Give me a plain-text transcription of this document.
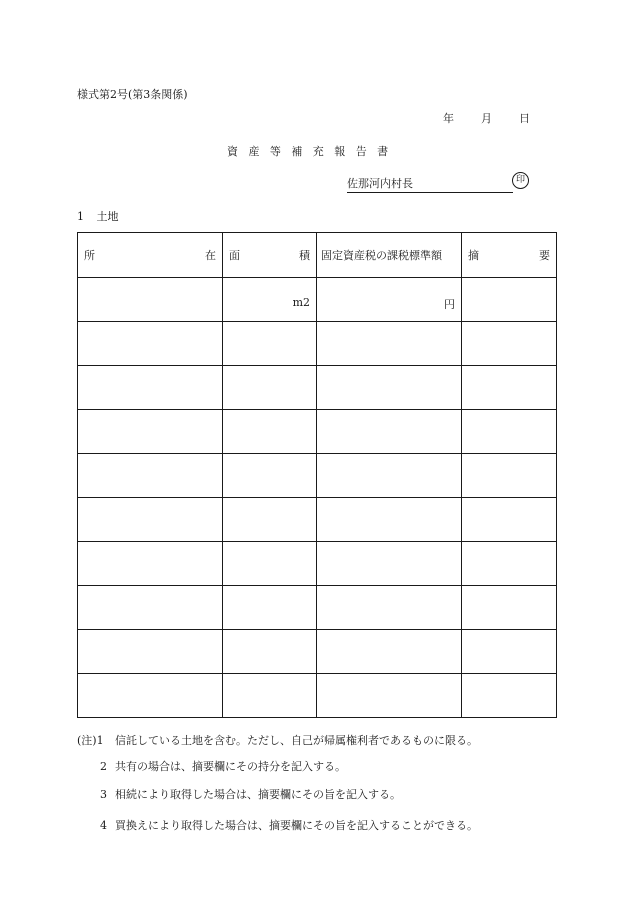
様式第2号(第3条関係)
年	月	日
資産等補充報告書
佐那河内村長	印
1 土地
所 在	面 積	固定資産税の課税標準額	摘 要

	m2	円	

(注)1 信託している土地を含む。ただし、自己が帰属権利者であるものに限る。
2 共有の場合は、摘要欄にその持分を記入する。
3 相続により取得した場合は、摘要欄にその旨を記入する。
4 買換えにより取得した場合は、摘要欄にその旨を記入することができる。
